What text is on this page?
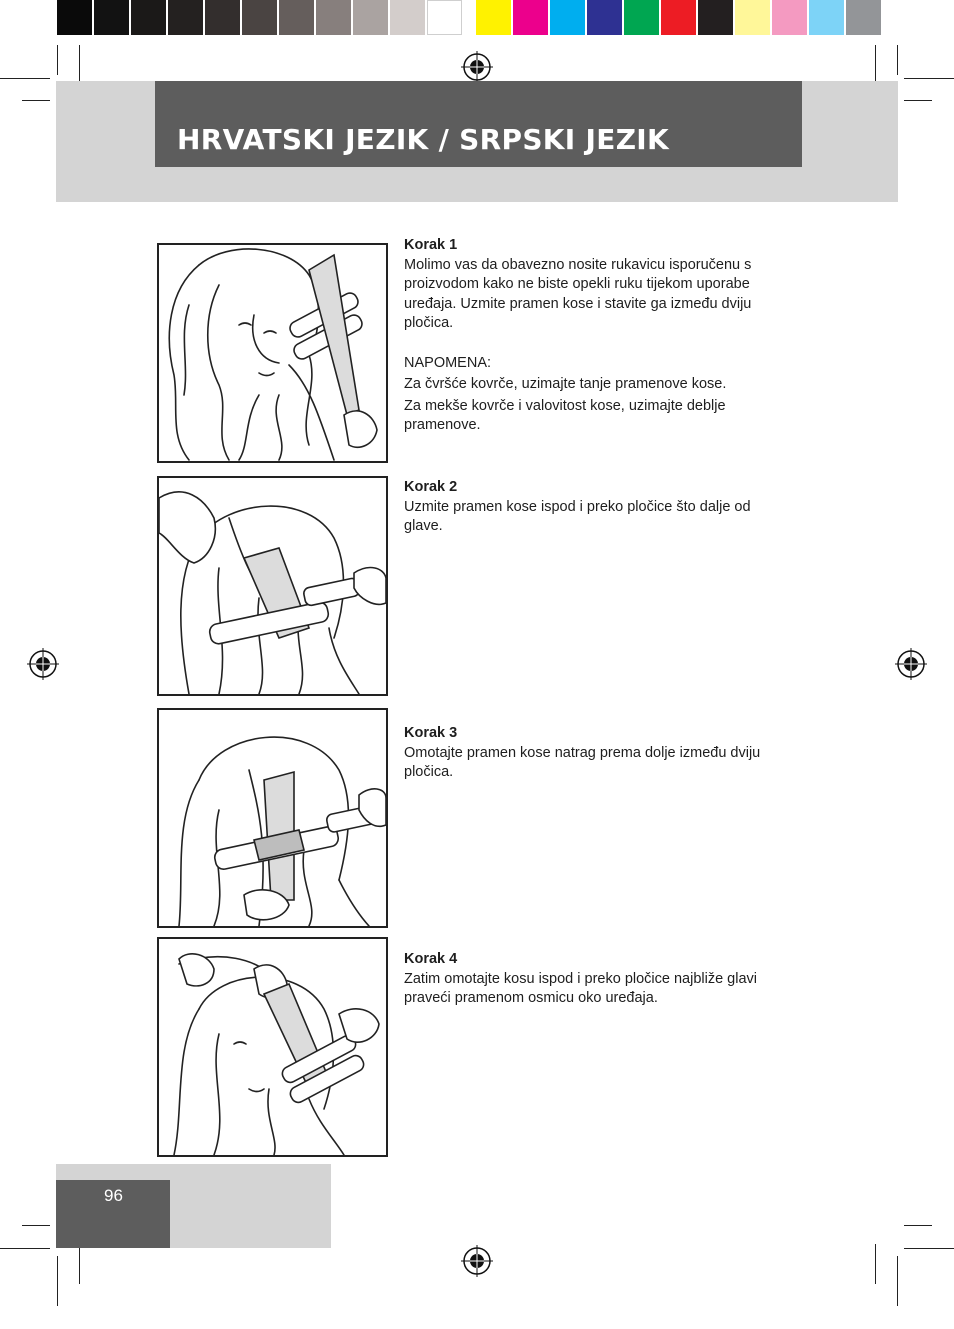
HRVATSKI JEZIK / SRPSKI JEZIK

Korak 1

Molimo vas da obavezno nosite rukavicu isporučenu s proizvodom kako ne biste opekli ruku tijekom uporabe uređaja. Uzmite pramen kose i stavite ga između dviju pločica.

NAPOMENA:

Za čvršće kovrče, uzimajte tanje pramenove kose.

Za mekše kovrče i valovitost kose, uzimajte deblje pramenove.

Korak 2

Uzmite pramen kose ispod i preko pločice što dalje od glave.

Korak 3

Omotajte pramen kose natrag prema dolje između dviju pločica.

Korak 4

Zatim omotajte kosu ispod i preko pločice najbliže glavi praveći pramenom osmicu oko uređaja.

96
